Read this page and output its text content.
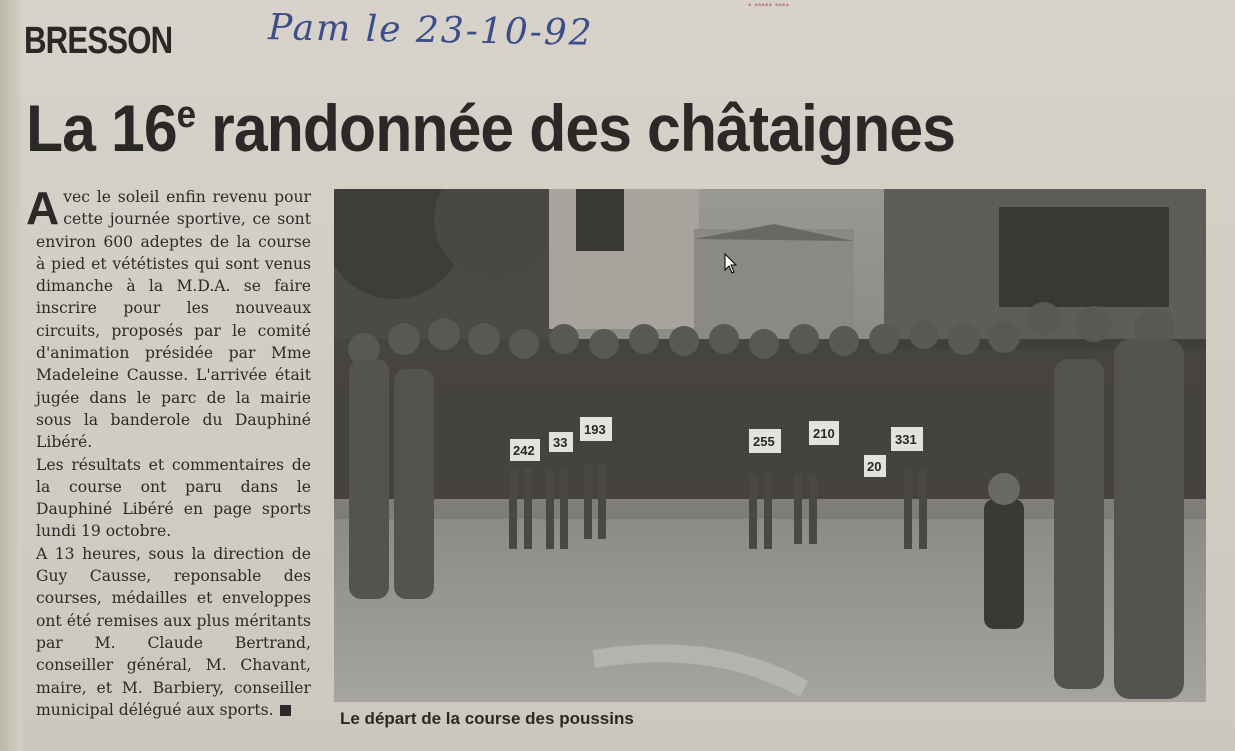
▪ ▪▪▪▪▪ ▪▪▪▪
BRESSON	Pam le 23-10-92
La 16e randonnée des châtaignes
A vec le soleil enfin revenu pour cette journée sportive, ce sont environ 600 adeptes de la course à pied et vététistes qui sont venus dimanche à la M.D.A. se faire inscrire pour les nouveaux circuits, proposés par le comité d'animation présidée par Mme Madeleine Causse. L'arrivée était jugée dans le parc de la mairie sous la banderole du Dauphiné Libéré.

Les résultats et commentaires de la course ont paru dans le Dauphiné Libéré en page sports lundi 19 octobre.

A 13 heures, sous la direction de Guy Causse, reponsable des courses, médailles et enveloppes ont été remises aux plus méritants par M. Claude Bertrand, conseiller général, M. Chavant, maire, et M. Barbiery, conseiller municipal délégué aux sports.

242
33
193
255
210	331
20
Le départ de la course des poussins
